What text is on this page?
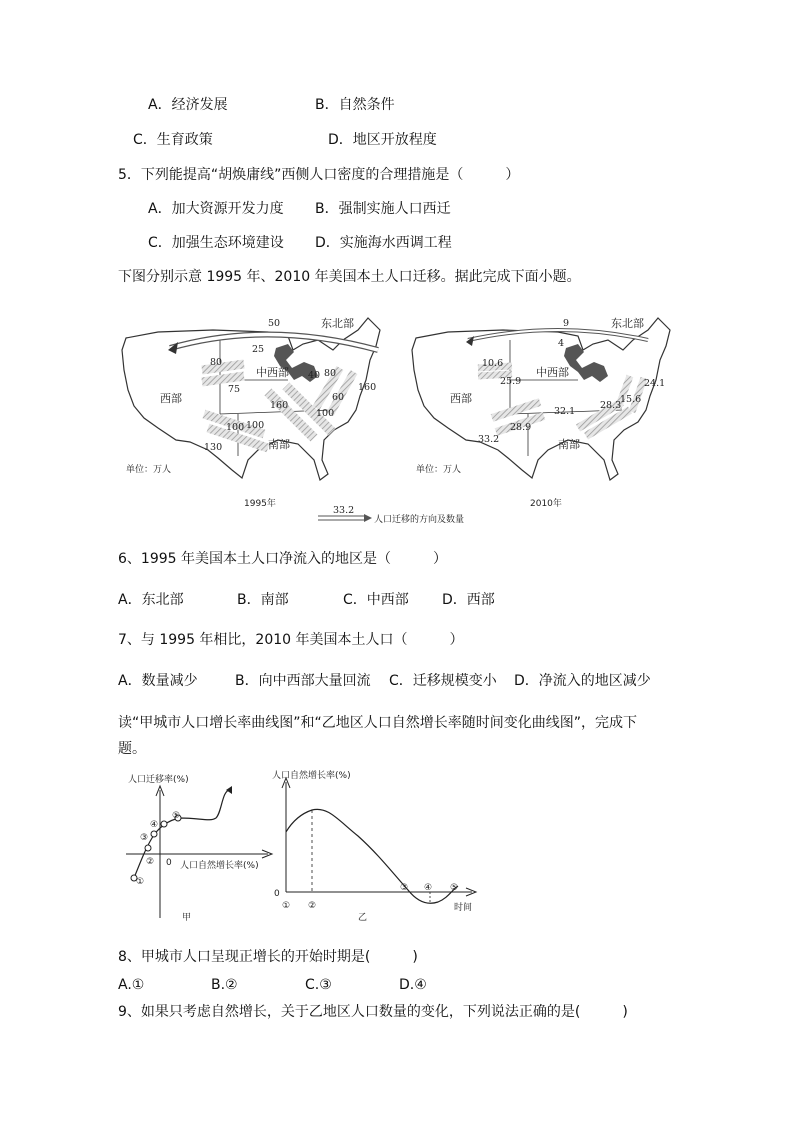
A．经济发展	B．自然条件
C．生育政策	D．地区开放程度
5．下列能提高“胡焕庸线”西侧人口密度的合理措施是（　　　）
A．加大资源开发力度 B．强制实施人口西迁
C．加强生态环境建设 D．实施海水西调工程
下图分别示意 1995 年、2010 年美国本土人口迁移。据此完成下面小题。
东北部
中西部
西部
南部
单位：万人
1995年
50
25
80
75
40 80
160
60
100
160
100
130
100
东北部
中西部
西部
南部
单位：万人
2010年
9
4
10.6
25.9	24.1
15.6
28.3
32.1
28.9
33.2
33.2
人口迁移的方向及数量
6、1995 年美国本土人口净流入的地区是（　　　）
A．东北部	B．南部	C．中西部 D．西部
7、与 1995 年相比，2010 年美国本土人口（　　　）
A．数量减少	B．向中西部大量回流 C．迁移规模变小 D．净流入的地区减少
读“甲城市人口增长率曲线图”和“乙地区人口自然增长率随时间变化曲线图”，完成下
题。
人口迁移率(%)
人口自然增长率(%)
0
①
②
③
④
⑤
甲
人口自然增长率(%)
0
时间
① ②
③ ④ ⑤
乙
8、甲城市人口呈现正增长的开始时期是(　　　)
A.①	B.②	C.③	D.④
9、如果只考虑自然增长，关于乙地区人口数量的变化，下列说法正确的是(　　　)
